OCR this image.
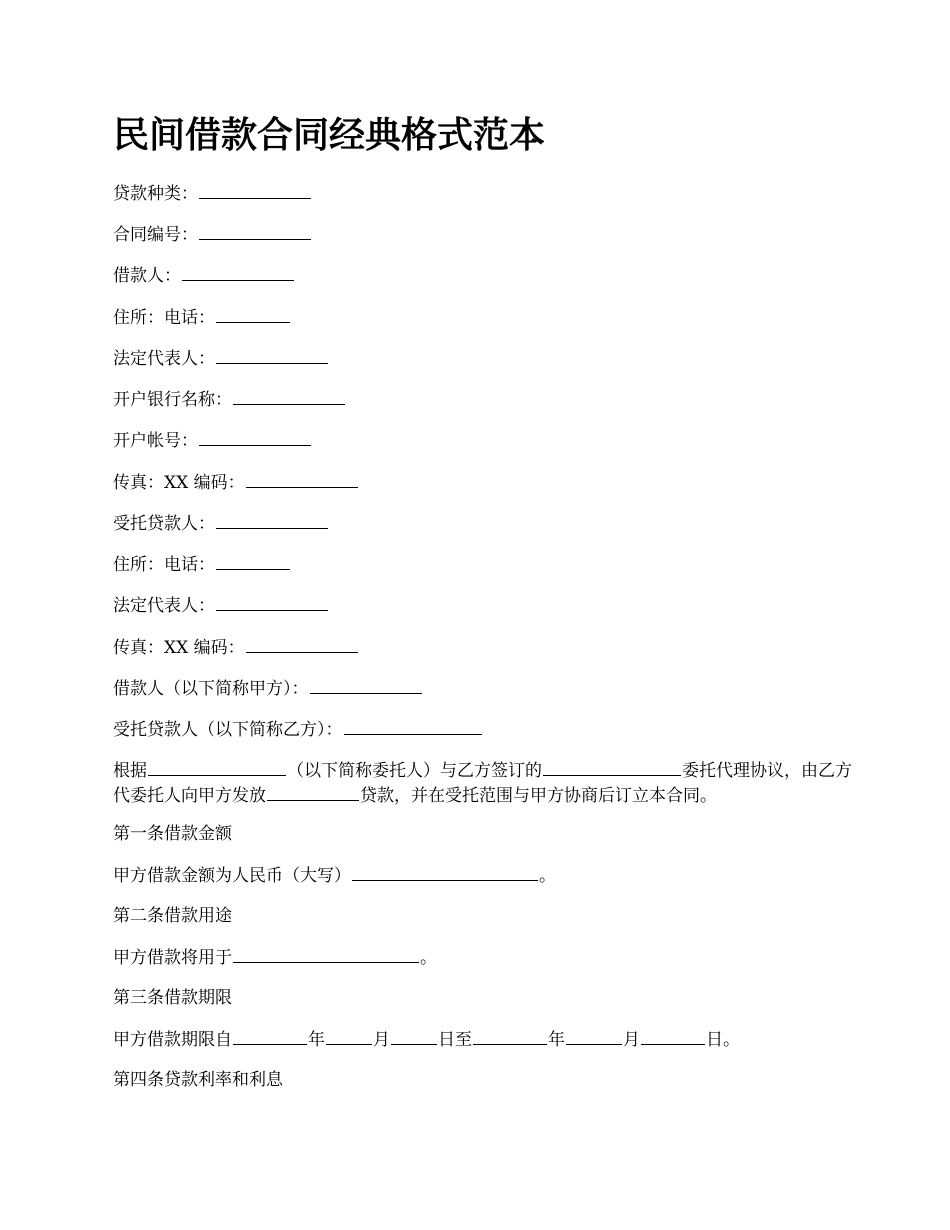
民间借款合同经典格式范本

贷款种类：

合同编号：

借款人：

住所：电话：

法定代表人：

开户银行名称：

开户帐号：

传真：XX 编码：

受托贷款人：

住所：电话：

法定代表人：

传真：XX 编码：

借款人（以下简称甲方）：

受托贷款人（以下简称乙方）：

根据	（以下简称委托人）与乙方签订的	委托代理协议，由乙方代委托人向甲方发放	贷款，并在受托范围与甲方协商后订立本合同。

第一条借款金额

甲方借款金额为人民币（大写）	。

第二条借款用途

甲方借款将用于	。

第三条借款期限

甲方借款期限自	年	月	日至	年	月	日。

第四条贷款利率和利息
